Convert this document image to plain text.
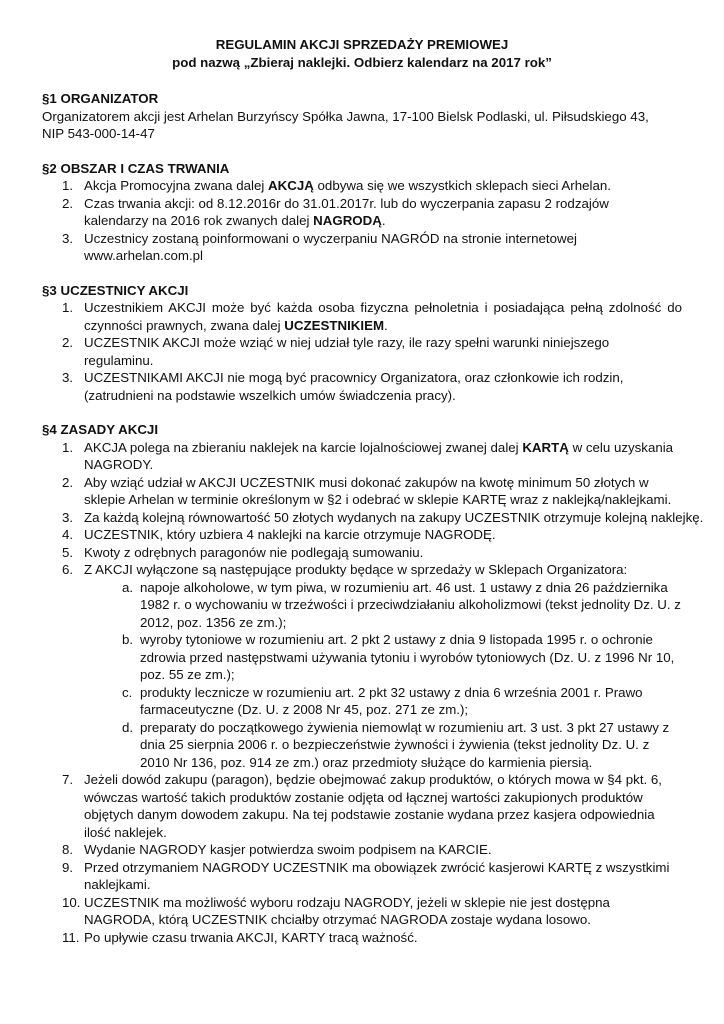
REGULAMIN AKCJI SPRZEDAŻY PREMIOWEJ
pod nazwą „Zbieraj naklejki. Odbierz kalendarz na 2017 rok”
§1 ORGANIZATOR
Organizatorem akcji jest Arhelan Burzyńscy Spółka Jawna, 17-100 Bielsk Podlaski, ul. Piłsudskiego 43,
NIP 543-000-14-47
§2 OBSZAR I CZAS TRWANIA
1. Akcja Promocyjna zwana dalej AKCJĄ odbywa się we wszystkich sklepach sieci Arhelan.
2. Czas trwania akcji: od 8.12.2016r do 31.01.2017r. lub do wyczerpania zapasu 2 rodzajów kalendarzy na 2016 rok zwanych dalej NAGRODĄ.
3. Uczestnicy zostaną poinformowani o wyczerpaniu NAGRÓD na stronie internetowej www.arhelan.com.pl
§3 UCZESTNICY AKCJI
1. Uczestnikiem AKCJI może być każda osoba fizyczna pełnoletnia i posiadająca pełną zdolność do czynności prawnych, zwana dalej UCZESTNIKIEM.
2. UCZESTNIK AKCJI może wziąć w niej udział tyle razy, ile razy spełni warunki niniejszego regulaminu.
3. UCZESTNIKAMI AKCJI nie mogą być pracownicy Organizatora, oraz członkowie ich rodzin, (zatrudnieni na podstawie wszelkich umów świadczenia pracy).
§4 ZASADY AKCJI
1. AKCJA polega na zbieraniu naklejek na karcie lojalnościowej zwanej dalej KARTĄ w celu uzyskania NAGRODY.
2. Aby wziąć udział w AKCJI UCZESTNIK musi dokonać zakupów na kwotę minimum 50 złotych w sklepie Arhelan w terminie określonym w §2 i odebrać w sklepie KARTĘ wraz z naklejką/naklejkami.
3. Za każdą kolejną równowartość 50 złotych wydanych na zakupy UCZESTNIK otrzymuje kolejną naklejkę.
4. UCZESTNIK, który uzbiera 4 naklejki na karcie otrzymuje NAGRODĘ.
5. Kwoty z odrębnych paragonów nie podlegają sumowaniu.
6. Z AKCJI wyłączone są następujące produkty będące w sprzedaży w Sklepach Organizatora:
a. napoje alkoholowe, w tym piwa, w rozumieniu art. 46 ust. 1 ustawy z dnia 26 października 1982 r. o wychowaniu w trzeźwości i przeciwdziałaniu alkoholizmowi (tekst jednolity Dz. U. z 2012, poz. 1356 ze zm.);
b. wyroby tytoniowe w rozumieniu art. 2 pkt 2 ustawy z dnia 9 listopada 1995 r. o ochronie zdrowia przed następstwami używania tytoniu i wyrobów tytoniowych (Dz. U. z 1996 Nr 10, poz. 55 ze zm.);
c. produkty lecznicze w rozumieniu art. 2 pkt 32 ustawy z dnia 6 września 2001 r. Prawo farmaceutyczne (Dz. U. z 2008 Nr 45, poz. 271 ze zm.);
d. preparaty do początkowego żywienia niemowląt w rozumieniu art. 3 ust. 3 pkt 27 ustawy z dnia 25 sierpnia 2006 r. o bezpieczeństwie żywności i żywienia (tekst jednolity Dz. U. z 2010 Nr 136, poz. 914 ze zm.) oraz przedmioty służące do karmienia piersią.
7. Jeżeli dowód zakupu (paragon), będzie obejmować zakup produktów, o których mowa w §4 pkt. 6, wówczas wartość takich produktów zostanie odjęta od łącznej wartości zakupionych produktów objętych danym dowodem zakupu. Na tej podstawie zostanie wydana przez kasjera odpowiednia ilość naklejek.
8. Wydanie NAGRODY kasjer potwierdza swoim podpisem na KARCIE.
9. Przed otrzymaniem NAGRODY UCZESTNIK ma obowiązek zwrócić kasjerowi KARTĘ z wszystkimi naklejkami.
10. UCZESTNIK ma możliwość wyboru rodzaju NAGRODY, jeżeli w sklepie nie jest dostępna NAGRODA, którą UCZESTNIK chciałby otrzymać NAGRODA zostaje wydana losowo.
11. Po upływie czasu trwania AKCJI, KARTY tracą ważność.
